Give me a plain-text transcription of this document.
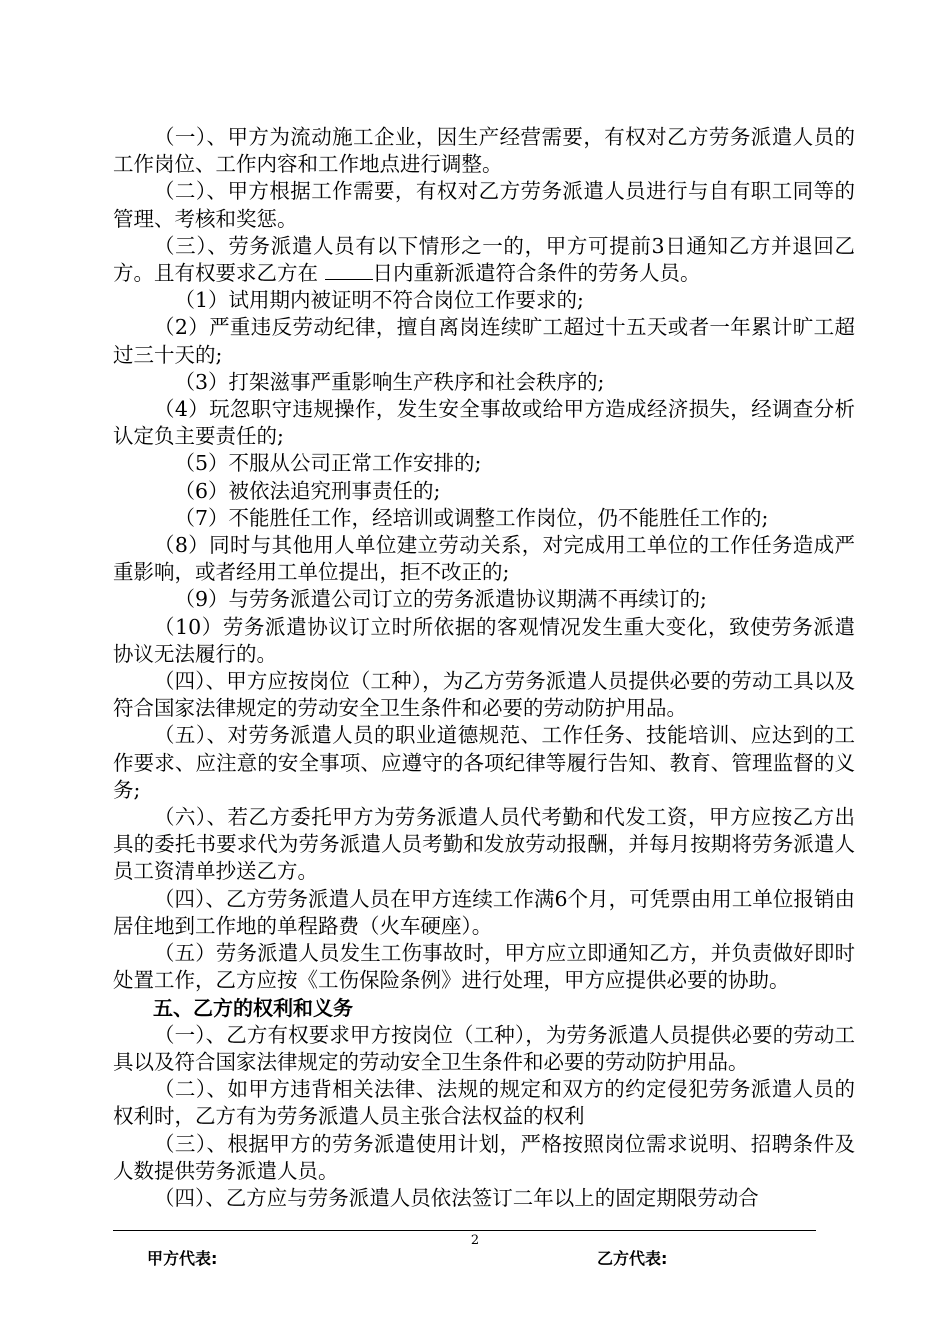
（一）、甲方为流动施工企业，因生产经营需要，有权对乙方劳务派遣人员的工作岗位、工作内容和工作地点进行调整。

（二）、甲方根据工作需要，有权对乙方劳务派遣人员进行与自有职工同等的管理、考核和奖惩。

（三）、劳务派遣人员有以下情形之一的，甲方可提前3日通知乙方并退回乙方。且有权要求乙方在 日内重新派遣符合条件的劳务人员。

（1）试用期内被证明不符合岗位工作要求的;

（2）严重违反劳动纪律，擅自离岗连续旷工超过十五天或者一年累计旷工超过三十天的;

（3）打架滋事严重影响生产秩序和社会秩序的;

（4）玩忽职守违规操作，发生安全事故或给甲方造成经济损失，经调查分析认定负主要责任的;

（5）不服从公司正常工作安排的;

（6）被依法追究刑事责任的;

（7）不能胜任工作，经培训或调整工作岗位，仍不能胜任工作的;

（8）同时与其他用人单位建立劳动关系，对完成用工单位的工作任务造成严重影响，或者经用工单位提出，拒不改正的;

（9）与劳务派遣公司订立的劳务派遣协议期满不再续订的;

（10）劳务派遣协议订立时所依据的客观情况发生重大变化，致使劳务派遣协议无法履行的。

（四）、甲方应按岗位（工种），为乙方劳务派遣人员提供必要的劳动工具以及符合国家法律规定的劳动安全卫生条件和必要的劳动防护用品。

（五）、对劳务派遣人员的职业道德规范、工作任务、技能培训、应达到的工作要求、应注意的安全事项、应遵守的各项纪律等履行告知、教育、管理监督的义务;

（六）、若乙方委托甲方为劳务派遣人员代考勤和代发工资，甲方应按乙方出具的委托书要求代为劳务派遣人员考勤和发放劳动报酬，并每月按期将劳务派遣人员工资清单抄送乙方。

（四）、乙方劳务派遣人员在甲方连续工作满6个月，可凭票由用工单位报销由居住地到工作地的单程路费（火车硬座）。

（五）劳务派遣人员发生工伤事故时，甲方应立即通知乙方，并负责做好即时处置工作，乙方应按《工伤保险条例》进行处理，甲方应提供必要的协助。

五、乙方的权利和义务

（一）、乙方有权要求甲方按岗位（工种），为劳务派遣人员提供必要的劳动工具以及符合国家法律规定的劳动安全卫生条件和必要的劳动防护用品。

（二）、如甲方违背相关法律、法规的规定和双方的约定侵犯劳务派遣人员的权利时，乙方有为劳务派遣人员主张合法权益的权利

（三）、根据甲方的劳务派遣使用计划，严格按照岗位需求说明、招聘条件及人数提供劳务派遣人员。

（四）、乙方应与劳务派遣人员依法签订二年以上的固定期限劳动合

2
甲方代表:	乙方代表:
